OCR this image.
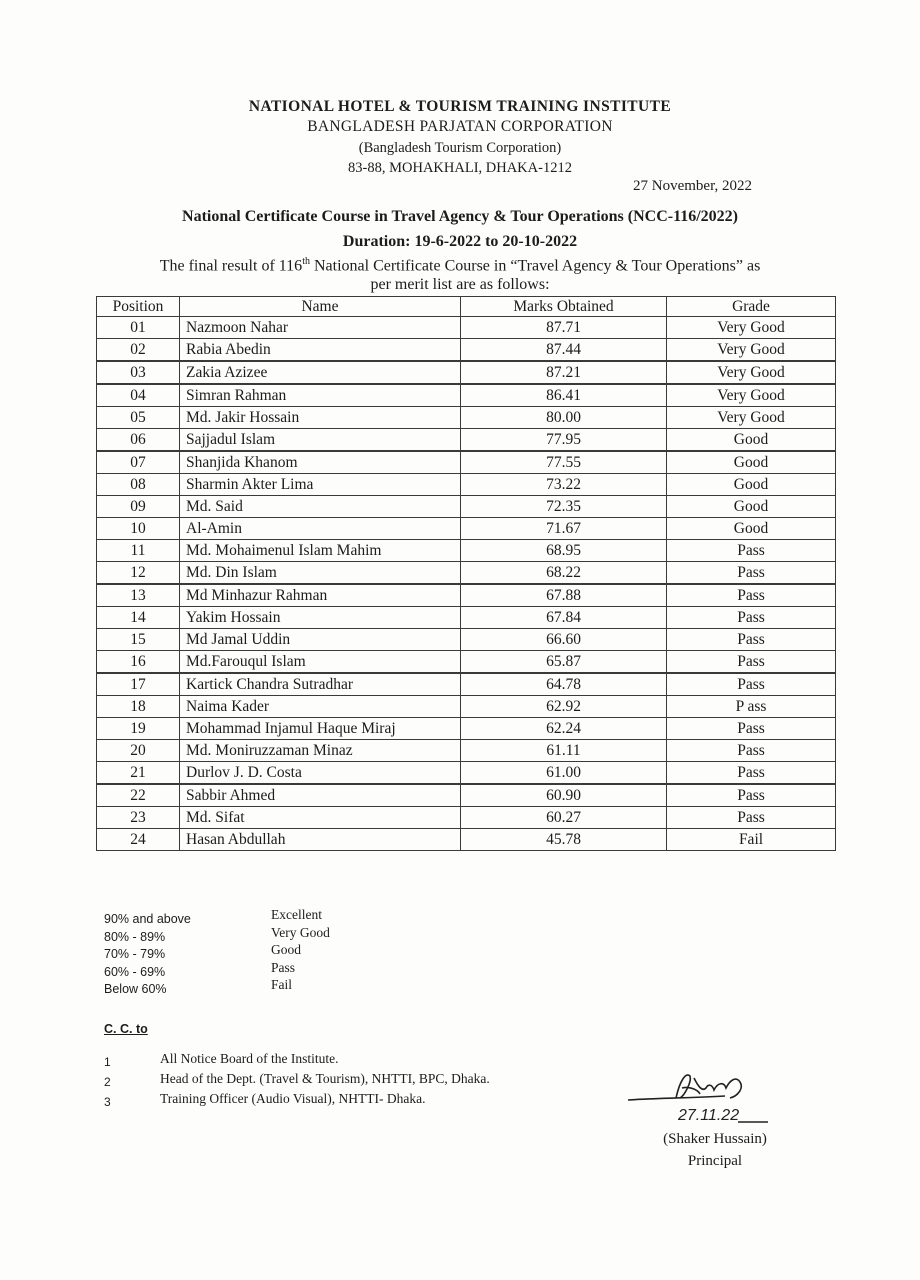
NATIONAL HOTEL & TOURISM TRAINING INSTITUTE
BANGLADESH PARJATAN CORPORATION
(Bangladesh Tourism Corporation)
83-88, MOHAKHALI, DHAKA-1212
27 November, 2022
National Certificate Course in Travel Agency & Tour Operations (NCC-116/2022)
Duration: 19-6-2022 to 20-10-2022
The final result of 116th National Certificate Course in “Travel Agency & Tour Operations” as
per merit list are as follows:
Position	Name	Marks Obtained	Grade
01	Nazmoon Nahar	87.71	Very Good
02	Rabia Abedin	87.44	Very Good
03	Zakia Azizee	87.21	Very Good
04	Simran Rahman	86.41	Very Good
05	Md. Jakir Hossain	80.00	Very Good
06	Sajjadul Islam	77.95	Good
07	Shanjida Khanom	77.55	Good
08	Sharmin Akter Lima	73.22	Good
09	Md. Said	72.35	Good
10	Al-Amin	71.67	Good
11	Md. Mohaimenul Islam Mahim	68.95	Pass
12	Md. Din Islam	68.22	Pass
13	Md Minhazur Rahman	67.88	Pass
14	Yakim Hossain	67.84	Pass
15	Md Jamal Uddin	66.60	Pass
16	Md.Farouqul Islam	65.87	Pass
17	Kartick Chandra Sutradhar	64.78	Pass
18	Naima Kader	62.92	P ass
19	Mohammad Injamul Haque Miraj	62.24	Pass
20	Md. Moniruzzaman Minaz	61.11	Pass
21	Durlov J. D. Costa	61.00	Pass
22	Sabbir Ahmed	60.90	Pass
23	Md. Sifat	60.27	Pass
24	Hasan Abdullah	45.78	Fail
90% and above	Excellent
80% - 89%	Very Good
70% - 79%	Good
60% - 69%	Pass
Below 60%	Fail
C. C. to
1	All Notice Board of the Institute.
2	Head of the Dept. (Travel & Tourism), NHTTI, BPC, Dhaka.
3	Training Officer (Audio Visual), NHTTI- Dhaka.
27.11.22
(Shaker Hussain)
Principal
